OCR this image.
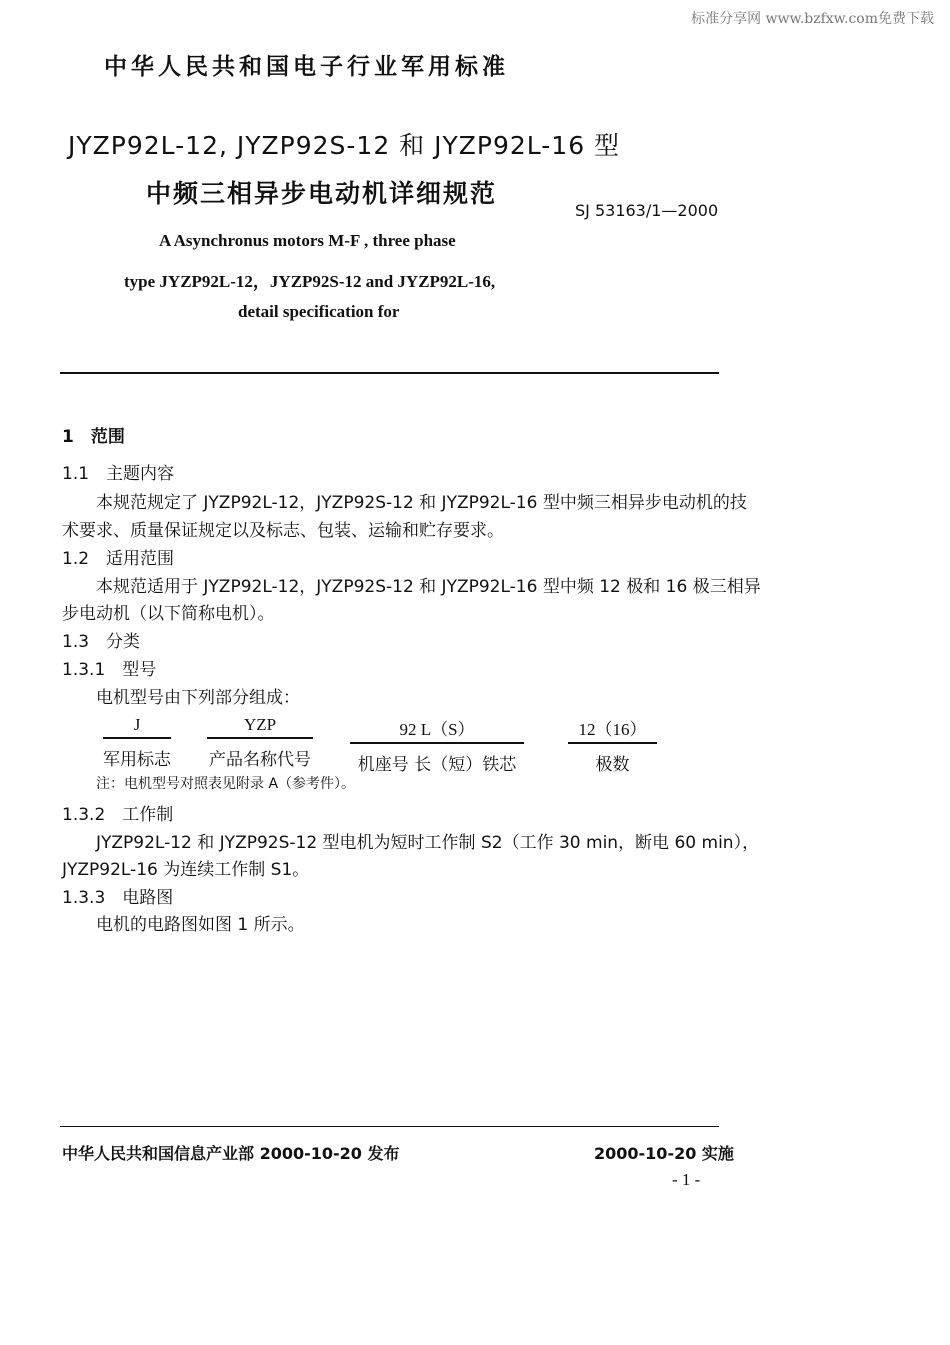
标准分享网 www.bzfxw.com免费下载
中华人民共和国电子行业军用标准
JYZP92L-12, JYZP92S-12 和 JYZP92L-16 型
中频三相异步电动机详细规范
SJ 53163/1—2000
A Asynchronus motors M-F , three phase
type JYZP92L-12，JYZP92S-12 and JYZP92L-16,
detail specification for
1　范围
1.1　主题内容
本规范规定了 JYZP92L-12，JYZP92S-12 和 JYZP92L-16 型中频三相异步电动机的技
术要求、质量保证规定以及标志、包装、运输和贮存要求。
1.2　适用范围
本规范适用于 JYZP92L-12，JYZP92S-12 和 JYZP92L-16 型中频 12 极和 16 极三相异
步电动机（以下简称电机）。
1.3　分类
1.3.1　型号
电机型号由下列部分组成：
J
军用标志
YZP
产品名称代号
92 L（S）
机座号 长（短）铁芯
12（16）
极数
注：电机型号对照表见附录 A（参考件）。
1.3.2　工作制
JYZP92L-12 和 JYZP92S-12 型电机为短时工作制 S2（工作 30 min，断电 60 min），
JYZP92L-16 为连续工作制 S1。
1.3.3　电路图
电机的电路图如图 1 所示。
中华人民共和国信息产业部 2000-10-20 发布	2000-10-20 实施
- 1 -
